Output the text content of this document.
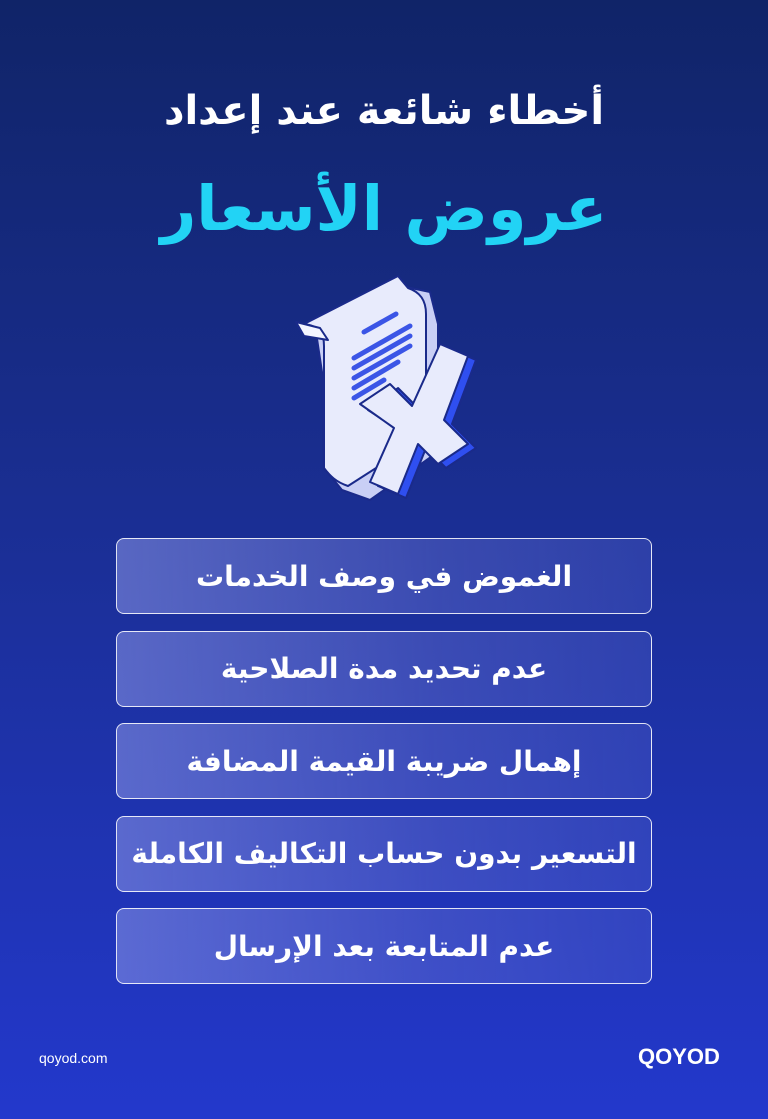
أخطاء شائعة عند إعداد
عروض الأسعار
الغموض في وصف الخدمات
عدم تحديد مدة الصلاحية
إهمال ضريبة القيمة المضافة
التسعير بدون حساب التكاليف الكاملة
عدم المتابعة بعد الإرسال
qoyod.com	QOYOD
